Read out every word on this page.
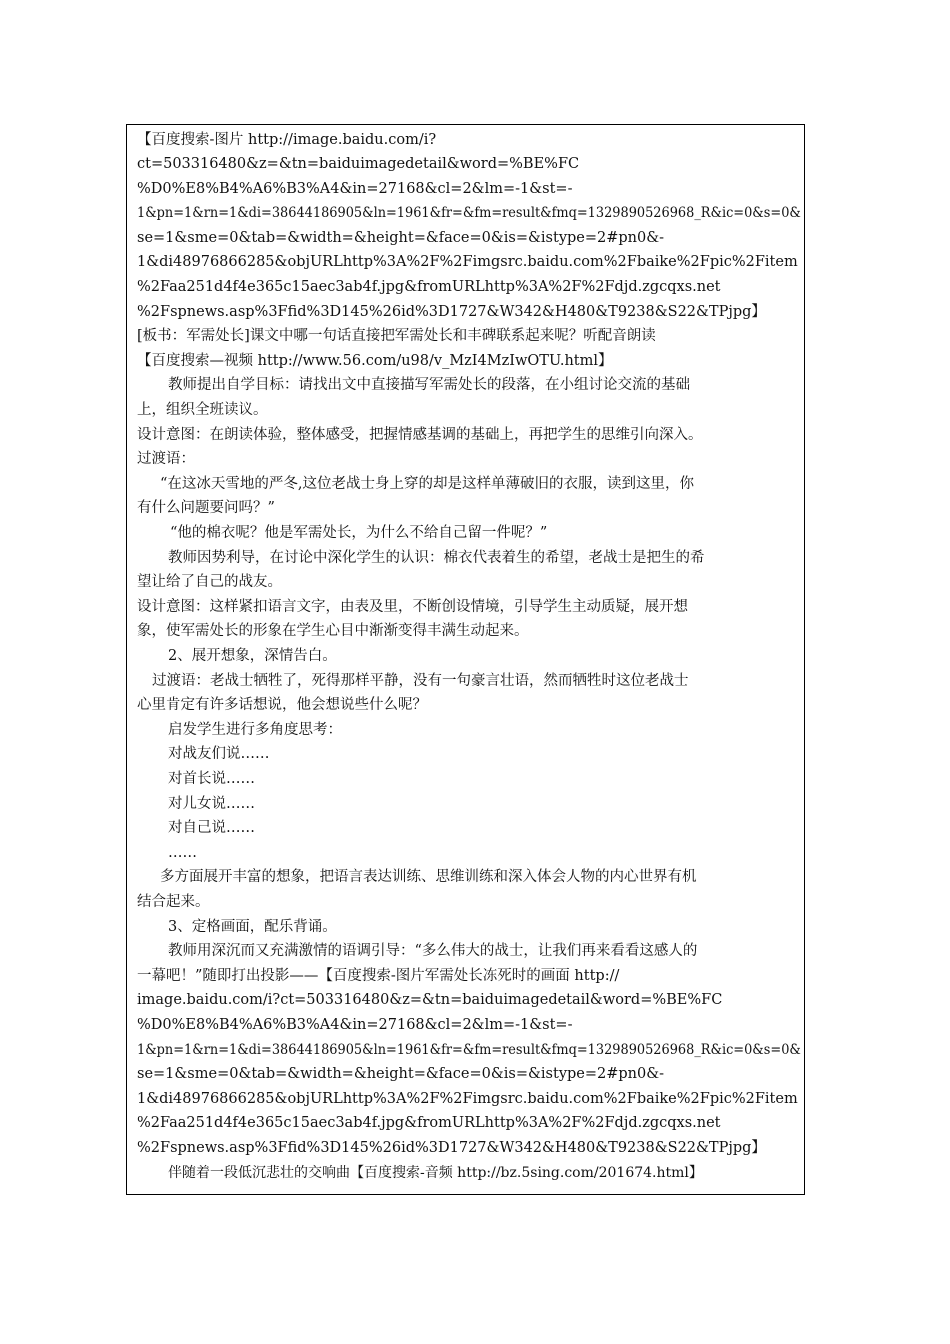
【百度搜索-图片 http://image.baidu.com/i?

ct=503316480&z=&tn=baiduimagedetail&word=%BE%FC

%D0%E8%B4%A6%B3%A4&in=27168&cl=2&lm=-1&st=-

1&pn=1&rn=1&di=38644186905&ln=1961&fr=&fm=result&fmq=1329890526968_R&ic=0&s=0&

se=1&sme=0&tab=&width=&height=&face=0&is=&istype=2#pn0&-

1&di48976866285&objURLhttp%3A%2F%2Fimgsrc.baidu.com%2Fbaike%2Fpic%2Fitem

%2Faa251d4f4e365c15aec3ab4f.jpg&fromURLhttp%3A%2F%2Fdjd.zgcqxs.net

%2Fspnews.asp%3Ffid%3D145%26id%3D1727&W342&H480&T9238&S22&TPjpg】

[板书：军需处长]课文中哪一句话直接把军需处长和丰碑联系起来呢？听配音朗读

【百度搜索—视频 http://www.56.com/u98/v_MzI4MzIwOTU.html】

教师提出自学目标：请找出文中直接描写军需处长的段落，在小组讨论交流的基础

上，组织全班读议。

设计意图：在朗读体验，整体感受，把握情感基调的基础上，再把学生的思维引向深入。

过渡语：

“在这冰天雪地的严冬,这位老战士身上穿的却是这样单薄破旧的衣服，读到这里，你

有什么问题要问吗？”

“他的棉衣呢？他是军需处长，为什么不给自己留一件呢？”

教师因势利导，在讨论中深化学生的认识：棉衣代表着生的希望，老战士是把生的希

望让给了自己的战友。

设计意图：这样紧扣语言文字，由表及里，不断创设情境，引导学生主动质疑，展开想

象，使军需处长的形象在学生心目中渐渐变得丰满生动起来。

2、展开想象，深情告白。

过渡语：老战士牺牲了，死得那样平静，没有一句豪言壮语，然而牺牲时这位老战士

心里肯定有许多话想说，他会想说些什么呢？

启发学生进行多角度思考：

对战友们说……

对首长说……

对儿女说……

对自己说……

……

多方面展开丰富的想象，把语言表达训练、思维训练和深入体会人物的内心世界有机

结合起来。

3、定格画面，配乐背诵。

教师用深沉而又充满激情的语调引导：“多么伟大的战士，让我们再来看看这感人的

一幕吧！”随即打出投影——【百度搜索-图片军需处长冻死时的画面 http://

image.baidu.com/i?ct=503316480&z=&tn=baiduimagedetail&word=%BE%FC

%D0%E8%B4%A6%B3%A4&in=27168&cl=2&lm=-1&st=-

1&pn=1&rn=1&di=38644186905&ln=1961&fr=&fm=result&fmq=1329890526968_R&ic=0&s=0&

se=1&sme=0&tab=&width=&height=&face=0&is=&istype=2#pn0&-

1&di48976866285&objURLhttp%3A%2F%2Fimgsrc.baidu.com%2Fbaike%2Fpic%2Fitem

%2Faa251d4f4e365c15aec3ab4f.jpg&fromURLhttp%3A%2F%2Fdjd.zgcqxs.net

%2Fspnews.asp%3Ffid%3D145%26id%3D1727&W342&H480&T9238&S22&TPjpg】

伴随着一段低沉悲壮的交响曲【百度搜索-音频 http://bz.5sing.com/201674.html】
